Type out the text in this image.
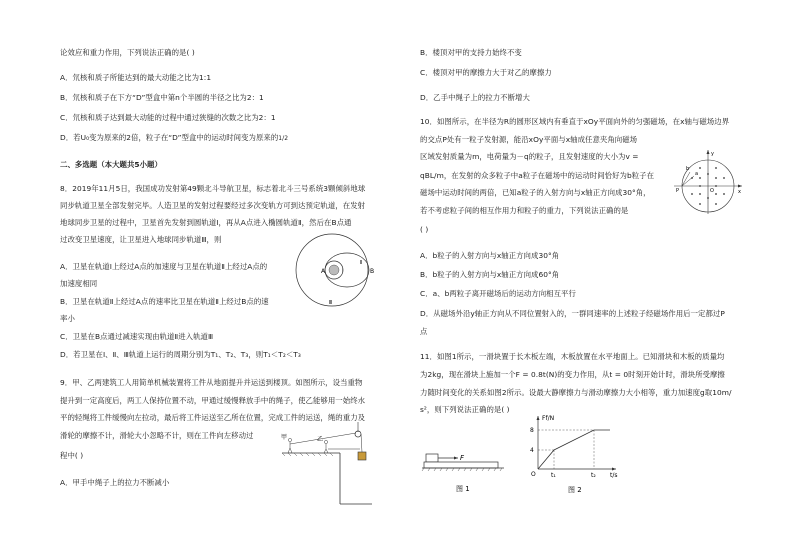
论效应和重力作用，下列说法正确的是( )
A．氘核和质子所能达到的最大动能之比为1:1
B．氘核和质子在下方“D”型盒中第n个半圆的半径之比为2：1
C．氘核和质子达到最大动能的过程中通过狭缝的次数之比为2：1
D．若U₀变为原来的2倍，粒子在“D”型盒中的运动时间变为原来的1/2
二、多选题（本大题共5小题）
8．2019年11月5日，我国成功发射第49颗北斗导航卫星，标志着北斗三号系统3颗倾斜地球
同步轨道卫星全部发射完毕。人造卫星的发射过程要经过多次变轨方可到达预定轨道，在发射
地球同步卫星的过程中，卫星首先发射到圆轨道Ⅰ，再从A点进入椭圆轨道Ⅱ，然后在B点通
过改变卫星速度，让卫星进入地球同步轨道Ⅲ，则
A．卫星在轨道Ⅰ上经过A点的加速度与卫星在轨道Ⅱ上经过A点的
加速度相同
B．卫星在轨道Ⅱ上经过A点的速率比卫星在轨道Ⅱ上经过B点的速
率小
C．卫星在B点通过减速实现由轨道Ⅱ进入轨道Ⅲ
D．若卫星在Ⅰ、Ⅱ、Ⅲ轨道上运行的周期分别为T₁、T₂、T₃，则T₁＜T₂＜T₃
9．甲、乙两建筑工人用简单机械装置将工件从地面提升并运送到楼顶。如图所示，设当重物
提升到一定高度后，两工人保持位置不动，甲通过缓慢释放手中的绳子，使乙能够用一始终水
平的轻绳将工件缓慢向左拉动，最后将工件运送至乙所在位置，完成工件的运送，绳的重力及
滑轮的摩擦不计，滑轮大小忽略不计，则在工件向左移动过
程中( )
A．甲手中绳子上的拉力不断减小
A	B
Ⅰ
Ⅱ
Ⅲ
甲	乙
B．楼顶对甲的支持力始终不变
C．楼顶对甲的摩擦力大于对乙的摩擦力
D．乙手中绳子上的拉力不断增大
10．如图所示，在半径为R的圆形区域内有垂直于xOy平面向外的匀强磁场，在x轴与磁场边界
的交点P处有一粒子发射源，能沿xOy平面与x轴成任意夹角向磁场
区域发射质量为m，电荷量为－q的粒子，且发射速度的大小为v =
qBL/m，在发射的众多粒子中a粒子在磁场中的运动时间恰好为b粒子在
磁场中运动时间的两倍，已知a粒子的入射方向与x轴正方向成30°角，
若不考虑粒子间的相互作用力和粒子的重力，下列说法正确的是
( )
A．b粒子的入射方向与x轴正方向成30°角
B．b粒子的入射方向与x轴正方向成60°角
C．a、b两粒子离开磁场后的运动方向相互平行
D．从磁场外沿y轴正方向从不同位置射入的，一群同速率的上述粒子经磁场作用后一定都过P
点
11．如图1所示，一滑块置于长木板左端，木板放置在水平地面上。已知滑块和木板的质量均
为2kg，现在滑块上施加一个F = 0.8t(N)的变力作用，从t = 0时刻开始计时，滑块所受摩擦
力随时间变化的关系如图2所示。设最大静摩擦力与滑动摩擦力大小相等，重力加速度g取10m/
s²，则下列说法正确的是( )
x
y
O
P
a
b
F
图 1
Ff/N
t/s
O
8
4
t₁	t₂
图 2
